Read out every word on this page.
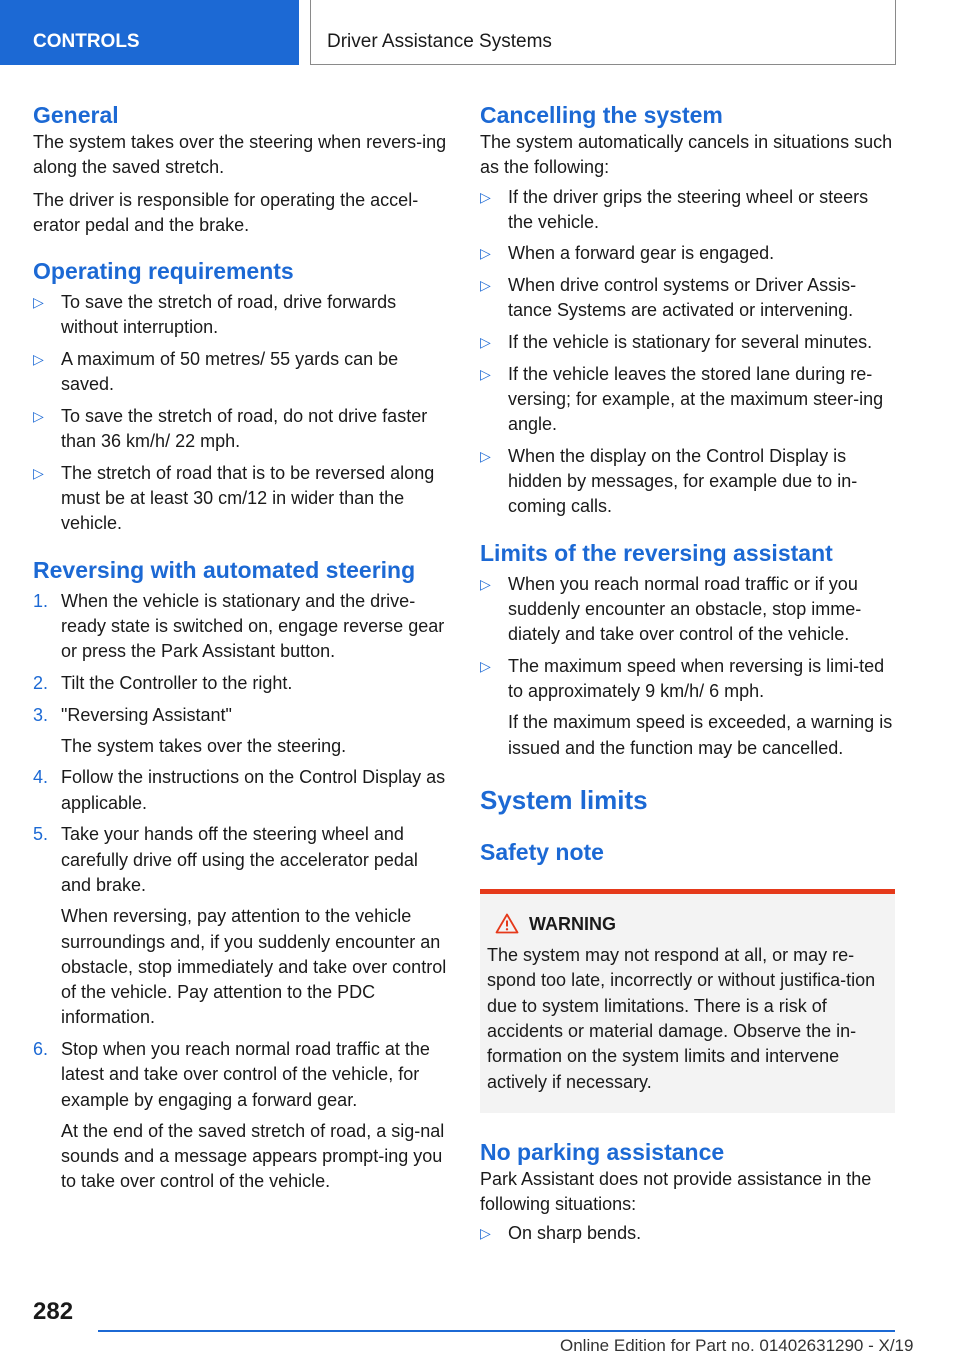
CONTROLS	Driver Assistance Systems
General

The system takes over the steering when revers-ing along the saved stretch.

The driver is responsible for operating the accel-erator pedal and the brake.

Operating requirements
▷ To save the stretch of road, drive forwards without interruption.
▷ A maximum of 50 metres/ 55 yards can be saved.
▷ To save the stretch of road, do not drive faster than 36 km/h/ 22 mph.
▷ The stretch of road that is to be reversed along must be at least 30 cm/12 in wider than the vehicle.
Reversing with automated steering
1. When the vehicle is stationary and the drive-ready state is switched on, engage reverse gear or press the Park Assistant button.
2. Tilt the Controller to the right.
3. "Reversing Assistant"
The system takes over the steering.
4. Follow the instructions on the Control Display as applicable.
5. Take your hands off the steering wheel and carefully drive off using the accelerator pedal and brake.
When reversing, pay attention to the vehicle surroundings and, if you suddenly encounter an obstacle, stop immediately and take over control of the vehicle. Pay attention to the PDC information.
6. Stop when you reach normal road traffic at the latest and take over control of the vehicle, for example by engaging a forward gear.
At the end of the saved stretch of road, a sig-nal sounds and a message appears prompt-ing you to take over control of the vehicle.
Cancelling the system

The system automatically cancels in situations such as the following:

▷ If the driver grips the steering wheel or steers the vehicle.
▷ When a forward gear is engaged.
▷ When drive control systems or Driver Assis-tance Systems are activated or intervening.
▷ If the vehicle is stationary for several minutes.
▷ If the vehicle leaves the stored lane during re-versing; for example, at the maximum steer-ing angle.
▷ When the display on the Control Display is hidden by messages, for example due to in-coming calls.
Limits of the reversing assistant
▷ When you reach normal road traffic or if you suddenly encounter an obstacle, stop imme-diately and take over control of the vehicle.
▷ The maximum speed when reversing is limi-ted to approximately 9 km/h/ 6 mph.
If the maximum speed is exceeded, a warning is issued and the function may be cancelled.
System limits
Safety note
WARNING

The system may not respond at all, or may re-spond too late, incorrectly or without justifica-tion due to system limitations. There is a risk of accidents or material damage. Observe the in-formation on the system limits and intervene actively if necessary.

No parking assistance

Park Assistant does not provide assistance in the following situations:

▷ On sharp bends.
282
Online Edition for Part no. 01402631290 - X/19
